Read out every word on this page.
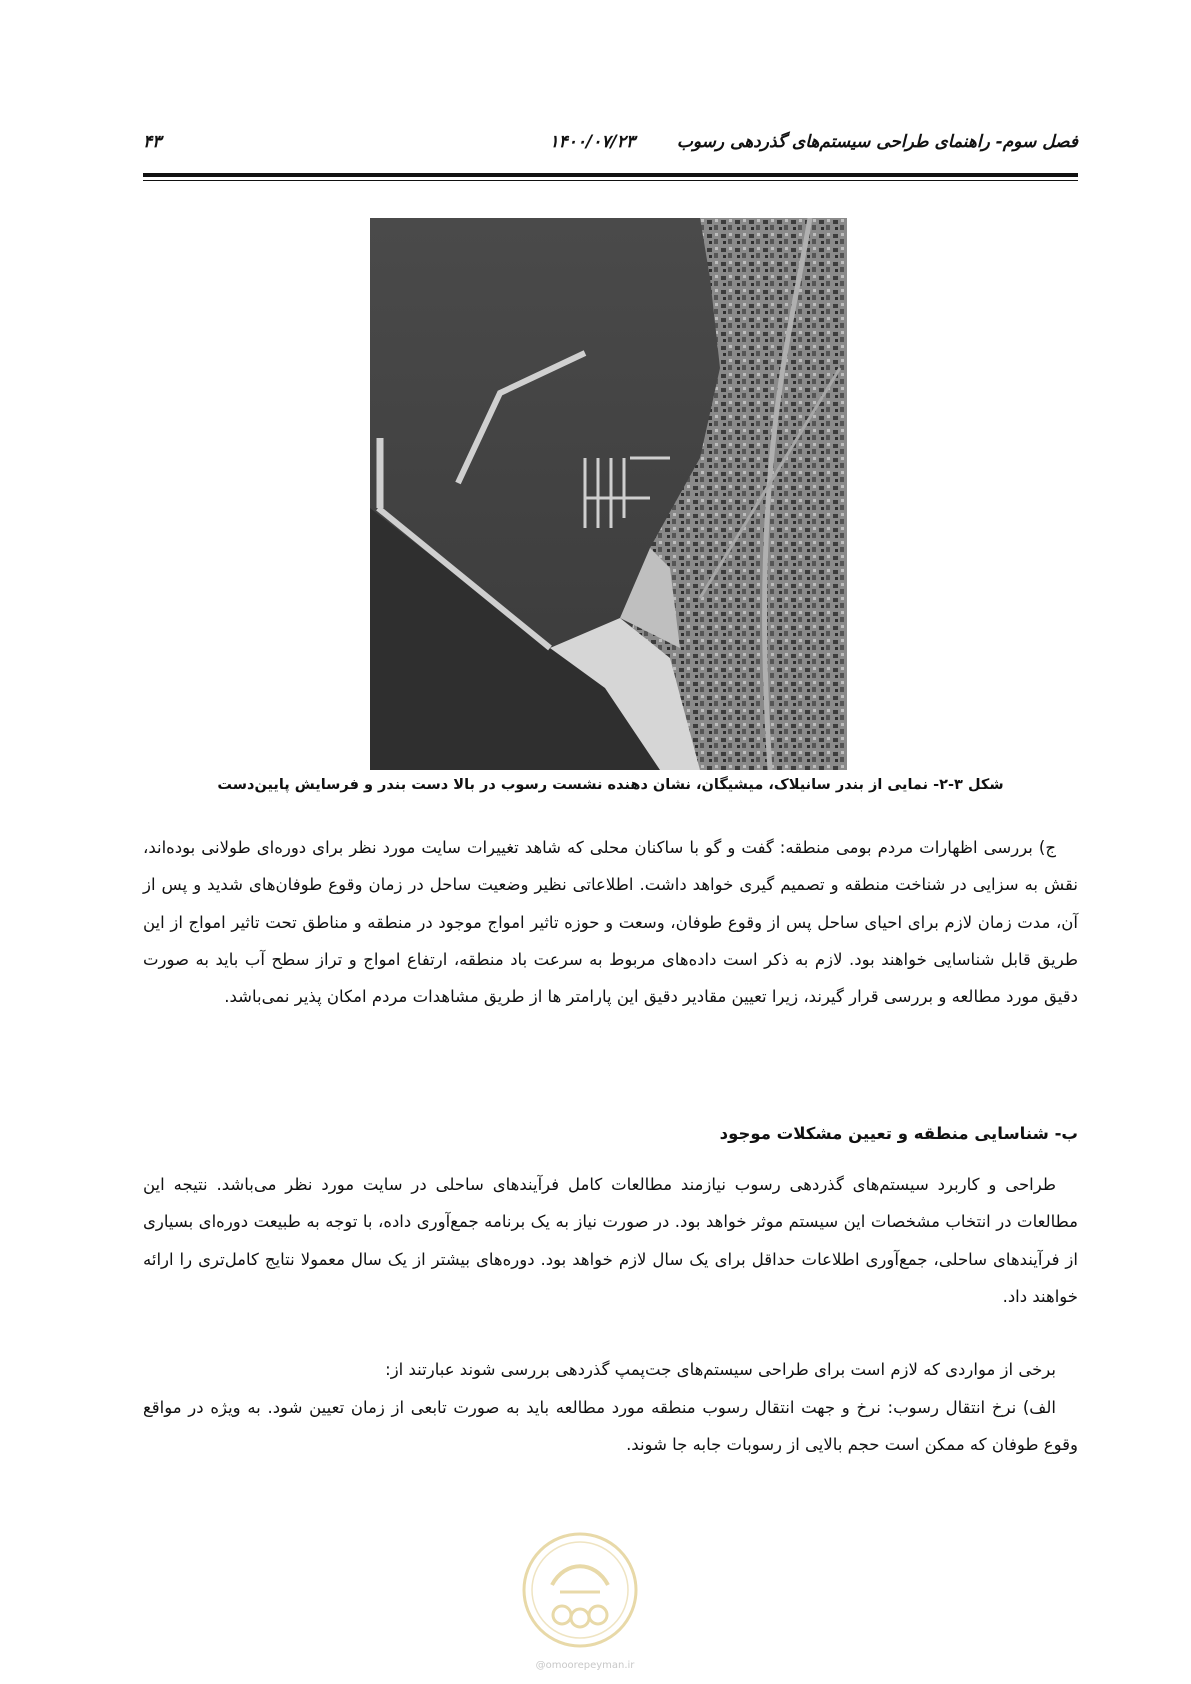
فصل سوم- راهنمای طراحی سیستم‌های گذردهی رسوب
۱۴۰۰/۰۷/۲۳
۴۳
شکل ۳-۲- نمایی از بندر سانیلاک، میشیگان، نشان دهنده نشست رسوب در بالا دست بندر و فرسایش پایین‌دست

ج) بررسی اظهارات مردم بومی منطقه: گفت و گو با ساکنان محلی که شاهد تغییرات سایت مورد نظر برای دوره‌ای طولانی بوده‌اند، نقش به سزایی در شناخت منطقه و تصمیم گیری خواهد داشت. اطلاعاتی نظیر وضعیت ساحل در زمان وقوع طوفان‌های شدید و پس از آن، مدت زمان لازم برای احیای ساحل پس از وقوع طوفان، وسعت و حوزه تاثیر امواج موجود در منطقه و مناطق تحت تاثیر امواج از این طریق قابل شناسایی خواهند بود. لازم به ذکر است داده‌های مربوط به سرعت باد منطقه، ارتفاع امواج و تراز سطح آب باید به صورت دقیق مورد مطالعه و بررسی قرار گیرند، زیرا تعیین مقادیر دقیق این پارامتر ها از طریق مشاهدات مردم امکان پذیر نمی‌باشد.

ب- شناسایی منطقه و تعیین مشکلات موجود

طراحی و کاربرد سیستم‌های گذردهی رسوب نیازمند مطالعات کامل فرآیندهای ساحلی در سایت مورد نظر می‌باشد. نتیجه این مطالعات در انتخاب مشخصات این سیستم موثر خواهد بود. در صورت نیاز به یک برنامه جمع‌آوری داده، با توجه به طبیعت دوره‌ای بسیاری از فرآیندهای ساحلی، جمع‌آوری اطلاعات حداقل برای یک سال لازم خواهد بود. دوره‌های بیشتر از یک سال معمولا نتایج کامل‌تری را ارائه خواهند داد.

برخی از مواردی که لازم است برای طراحی سیستم‌های جت‌پمپ گذردهی بررسی شوند عبارتند از:

الف) نرخ انتقال رسوب: نرخ و جهت انتقال رسوب منطقه مورد مطالعه باید به صورت تابعی از زمان تعیین شود. به ویژه در مواقع وقوع طوفان که ممکن است حجم بالایی از رسوبات جابه جا شوند.

@omoorepeyman.ir
